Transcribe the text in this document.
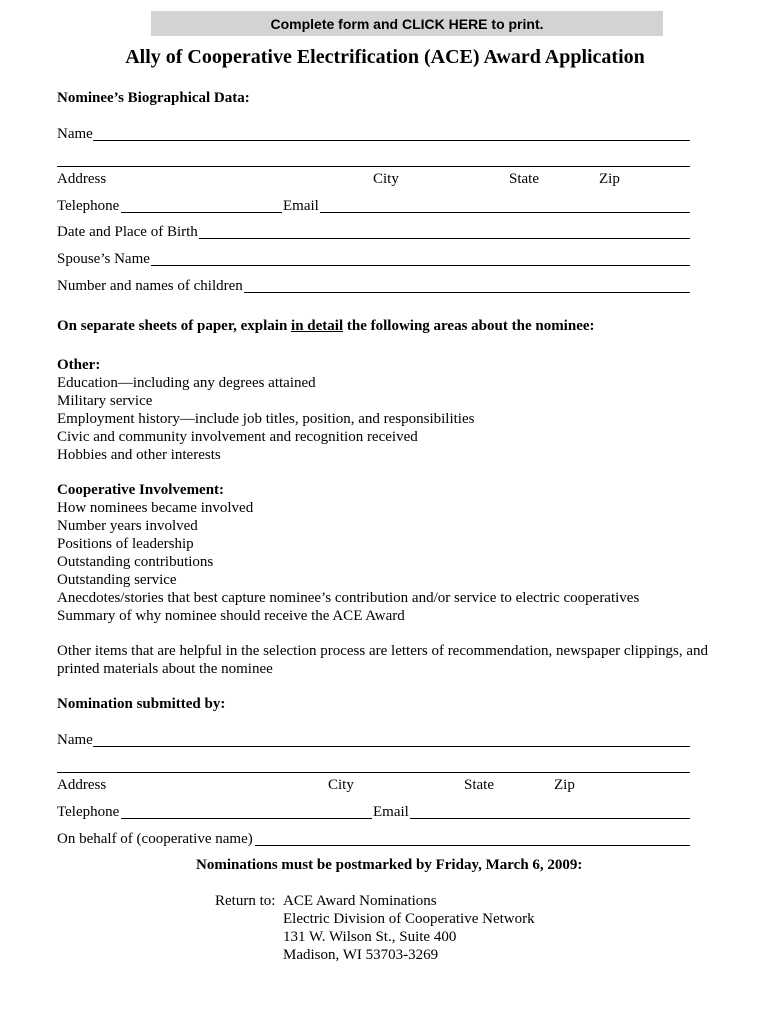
Complete form and CLICK HERE to print.
Ally of Cooperative Electrification (ACE) Award Application
Nominee’s Biographical Data:
Name
Address	City	State	Zip
Telephone	Email
Date and Place of Birth
Spouse’s Name
Number and names of children
On separate sheets of paper, explain in detail the following areas about the nominee:
Other:
Education—including any degrees attained
Military service
Employment history—include job titles, position, and responsibilities
Civic and community involvement and recognition received
Hobbies and other interests
Cooperative Involvement:
How nominees became involved
Number years involved
Positions of leadership
Outstanding contributions
Outstanding service
Anecdotes/stories that best capture nominee’s contribution and/or service to electric cooperatives
Summary of why nominee should receive the ACE Award
Other items that are helpful in the selection process are letters of recommendation, newspaper clippings, and printed materials about the nominee
Nomination submitted by:
Name
Address	City	State	Zip
Telephone	Email
On behalf of (cooperative name)
Nominations must be postmarked by Friday, March 6, 2009:
Return to: ACE Award Nominations
Electric Division of Cooperative Network
131 W. Wilson St., Suite 400
Madison, WI 53703-3269
